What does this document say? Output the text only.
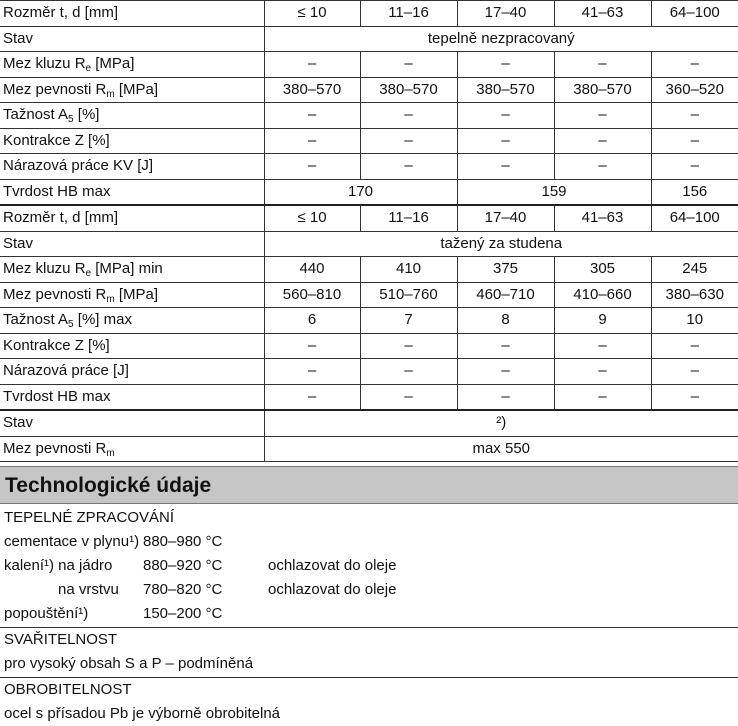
Rozměr t, d [mm]	≤ 10	11–16	17–40	41–63	64–100
Stav	tepelně nezpracovaný				
Mez kluzu $R_e$ [MPa]	–	–	–	–	–
Mez pevnosti $R_m$ [MPa]	380–570	380–570	380–570	380–570	360–520
Tažnost $A_5$ [%]	–	–	–	–	–
Kontrakce Z [%]	–	–	–	–	–
Nárazová práce KV [J]	–	–	–	–	–
Tvrdost HB max	170		159		156
Rozměr t, d [mm]	≤ 10	11–16	17–40	41–63	64–100
Stav	tažený za studena				
Mez kluzu $R_e$ [MPa] min	440	410	375	305	245
Mez pevnosti $R_m$ [MPa]	560–810	510–760	460–710	410–660	380–630
Tažnost $A_5$ [%] max	6	7	8	9	10
Kontrakce Z [%]	–	–	–	–	–
Nárazová práce [J]	–	–	–	–	–
Tvrdost HB max	–	–	–	–	–
Stav	²)				
Mez pevnosti $R_m$	max 550				
Technologické údaje
TEPELNÉ ZPRACOVÁNÍ
cementace v plynu¹) 880–980 °C
kalení¹) na jádro 880–920 °C	ochlazovat do oleje
na vrstvu 780–820 °C	ochlazovat do oleje
popouštění¹)	150–200 °C
SVAŘITELNOST
pro vysoký obsah S a P – podmíněná
OBROBITELNOST
ocel s přísadou Pb je výborně obrobitelná
